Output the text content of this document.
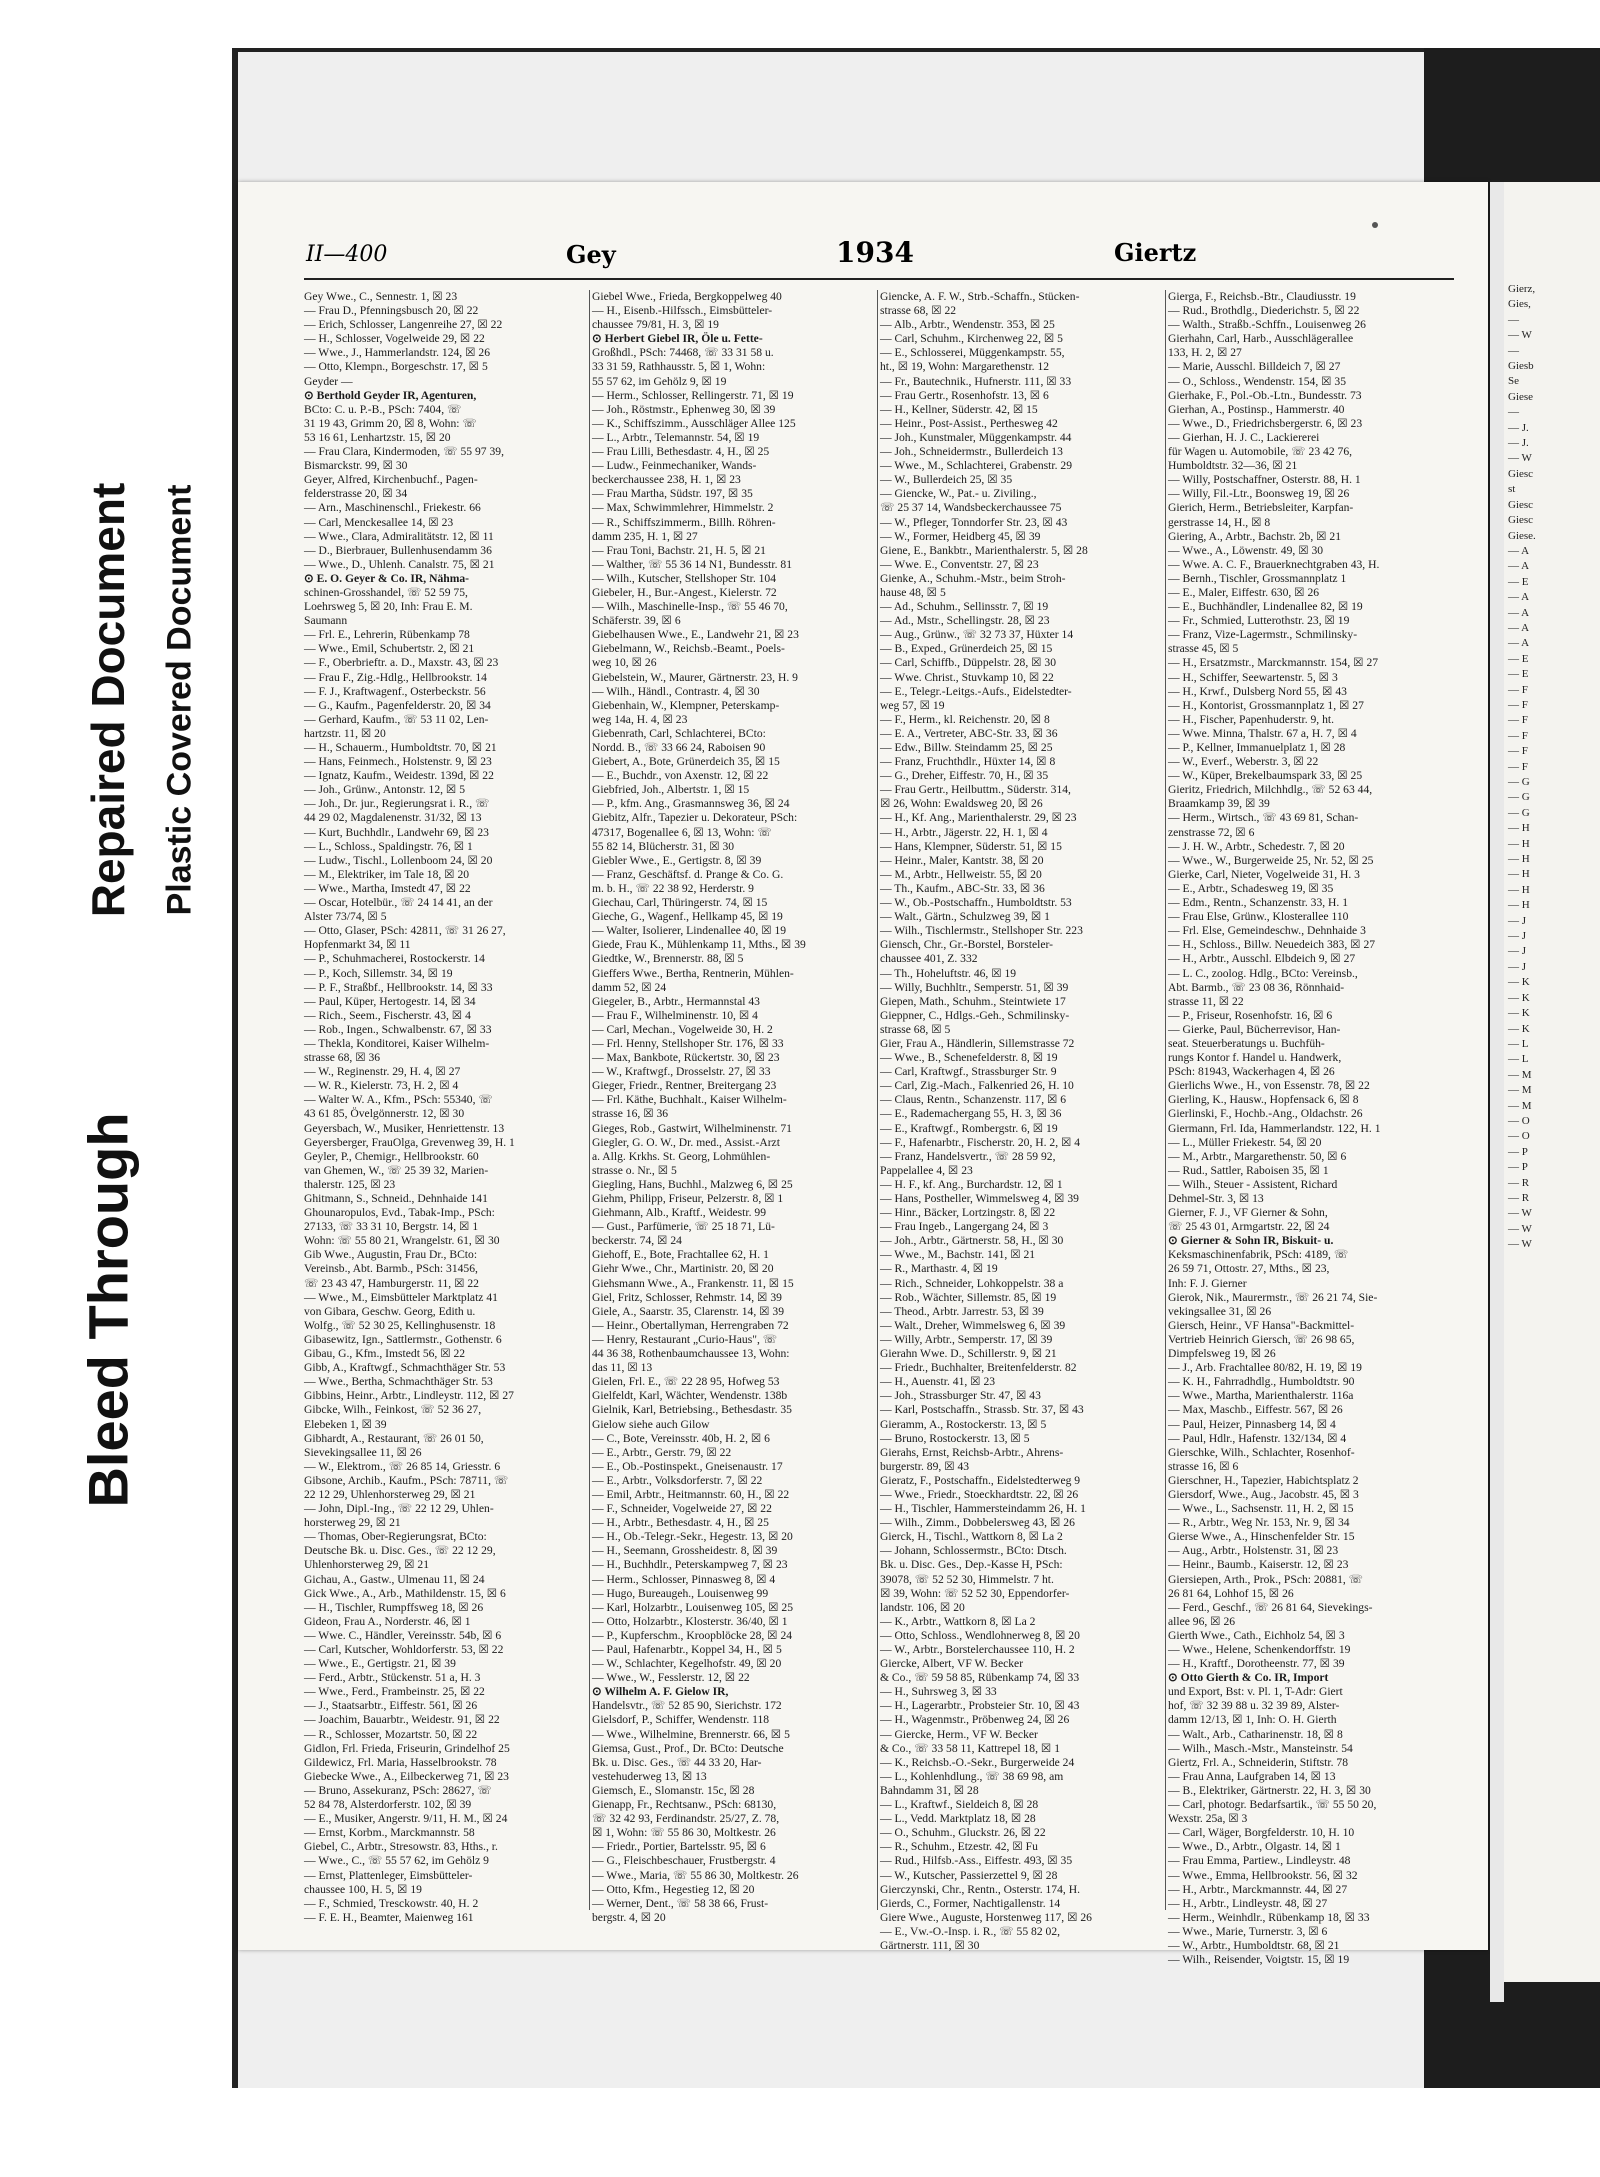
Bleed Through
Repaired Document Plastic Covered Document
Gierz,
Gies,
—
— W
—
Giesb
Se
Giese
—
— J.
— J.
— W
Giesc
st
Giesc
Giesc
Giese.
— A
— A
— E
— A
— A
— A
— A
— E
— E
— F
— F
— F
— F
— F
— F
— G
— G
— G
— H
— H
— H
— H
— H
— H
— J
— J
— J
— J
— K
— K
— K
— K
— L
— L
— M
— M
— M
— O
— O
— P
— P
— R
— R
— W
— W
— W
II—400	Gey	1934	Giertz
Gey Wwe., C., Sennestr. 1, ☒ 23
— Frau D., Pfenningsbusch 20, ☒ 22
— Erich, Schlosser, Langenreihe 27, ☒ 22
— H., Schlosser, Vogelweide 29, ☒ 22
— Wwe., J., Hammerlandstr. 124, ☒ 26
— Otto, Klempn., Borgeschstr. 17, ☒ 5
Geyder —
⊙ Berthold Geyder IR, Agenturen,
BCto: C. u. P.-B., PSch: 7404, ☏
31 19 43, Grimm 20, ☒ 8, Wohn: ☏
53 16 61, Lenhartzstr. 15, ☒ 20
— Frau Clara, Kindermoden, ☏ 55 97 39,
Bismarckstr. 99, ☒ 30
Geyer, Alfred, Kirchenbuchf., Pagen-
felderstrasse 20, ☒ 34
— Arn., Maschinenschl., Friekestr. 66
— Carl, Menckesallee 14, ☒ 23
— Wwe., Clara, Admiralitätstr. 12, ☒ 11
— D., Bierbrauer, Bullenhusendamm 36
— Wwe., D., Uhlenh. Canalstr. 75, ☒ 21
⊙ E. O. Geyer & Co. IR, Nähma-
schinen-Grosshandel, ☏ 52 59 75,
Loehrsweg 5, ☒ 20, Inh: Frau E. M.
Saumann
— Frl. E., Lehrerin, Rübenkamp 78
— Wwe., Emil, Schubertstr. 2, ☒ 21
— F., Oberbrieftr. a. D., Maxstr. 43, ☒ 23
— Frau F., Zig.-Hdlg., Hellbrookstr. 14
— F. J., Kraftwagenf., Osterbeckstr. 56
— G., Kaufm., Pagenfelderstr. 20, ☒ 34
— Gerhard, Kaufm., ☏ 53 11 02, Len-
hartzstr. 11, ☒ 20
— H., Schauerm., Humboldtstr. 70, ☒ 21
— Hans, Feinmech., Holstenstr. 9, ☒ 23
— Ignatz, Kaufm., Weidestr. 139d, ☒ 22
— Joh., Grünw., Antonstr. 12, ☒ 5
— Joh., Dr. jur., Regierungsrat i. R., ☏
44 29 02, Magdalenenstr. 31/32, ☒ 13
— Kurt, Buchhdlr., Landwehr 69, ☒ 23
— L., Schloss., Spaldingstr. 76, ☒ 1
— Ludw., Tischl., Lollenboom 24, ☒ 20
— M., Elektriker, im Tale 18, ☒ 20
— Wwe., Martha, Imstedt 47, ☒ 22
— Oscar, Hotelbür., ☏ 24 14 41, an der
Alster 73/74, ☒ 5
— Otto, Glaser, PSch: 42811, ☏ 31 26 27,
Hopfenmarkt 34, ☒ 11
— P., Schuhmacherei, Rostockerstr. 14
— P., Koch, Sillemstr. 34, ☒ 19
— P. F., Straßbf., Hellbrookstr. 14, ☒ 33
— Paul, Küper, Hertogestr. 14, ☒ 34
— Rich., Seem., Fischerstr. 43, ☒ 4
— Rob., Ingen., Schwalbenstr. 67, ☒ 33
— Thekla, Konditorei, Kaiser Wilhelm-
strasse 68, ☒ 36
— W., Reginenstr. 29, H. 4, ☒ 27
— W. R., Kielerstr. 73, H. 2, ☒ 4
— Walter W. A., Kfm., PSch: 55340, ☏
43 61 85, Övelgönnerstr. 12, ☒ 30
Geyersbach, W., Musiker, Henriettenstr. 13
Geyersberger, FrauOlga, Grevenweg 39, H. 1
Geyler, P., Chemigr., Hellbrookstr. 60
van Ghemen, W., ☏ 25 39 32, Marien-
thalerstr. 125, ☒ 23
Ghitmann, S., Schneid., Dehnhaide 141
Ghounaropulos, Evd., Tabak-Imp., PSch:
27133, ☏ 33 31 10, Bergstr. 14, ☒ 1
Wohn: ☏ 55 80 21, Wrangelstr. 61, ☒ 30
Gib Wwe., Augustin, Frau Dr., BCto:
Vereinsb., Abt. Barmb., PSch: 31456,
☏ 23 43 47, Hamburgerstr. 11, ☒ 22
— Wwe., M., Eimsbütteler Marktplatz 41
von Gibara, Geschw. Georg, Edith u.
Wolfg., ☏ 52 30 25, Kellinghusenstr. 18
Gibasewitz, Ign., Sattlermstr., Gothenstr. 6
Gibau, G., Kfm., Imstedt 56, ☒ 22
Gibb, A., Kraftwgf., Schmachthäger Str. 53
— Wwe., Bertha, Schmachthäger Str. 53
Gibbins, Heinr., Arbtr., Lindleystr. 112, ☒ 27
Gibcke, Wilh., Feinkost, ☏ 52 36 27,
Elebeken 1, ☒ 39
Gibhardt, A., Restaurant, ☏ 26 01 50,
Sievekingsallee 11, ☒ 26
— W., Elektrom., ☏ 26 85 14, Griesstr. 6
Gibsone, Archib., Kaufm., PSch: 78711, ☏
22 12 29, Uhlenhorsterweg 29, ☒ 21
— John, Dipl.-Ing., ☏ 22 12 29, Uhlen-
horsterweg 29, ☒ 21
— Thomas, Ober-Regierungsrat, BCto:
Deutsche Bk. u. Disc. Ges., ☏ 22 12 29,
Uhlenhorsterweg 29, ☒ 21
Gichau, A., Gastw., Ulmenau 11, ☒ 24
Gick Wwe., A., Arb., Mathildenstr. 15, ☒ 6
— H., Tischler, Rumpffsweg 18, ☒ 26
Gideon, Frau A., Norderstr. 46, ☒ 1
— Wwe. C., Händler, Vereinsstr. 54b, ☒ 6
— Carl, Kutscher, Wohldorferstr. 53, ☒ 22
— Wwe., E., Gertigstr. 21, ☒ 39
— Ferd., Arbtr., Stückenstr. 51 a, H. 3
— Wwe., Ferd., Frambeinstr. 25, ☒ 22
— J., Staatsarbtr., Eiffestr. 561, ☒ 26
— Joachim, Bauarbtr., Weidestr. 91, ☒ 22
— R., Schlosser, Mozartstr. 50, ☒ 22
Gidlon, Frl. Frieda, Friseurin, Grindelhof 25
Gildewicz, Frl. Maria, Hasselbrookstr. 78
Giebecke Wwe., A., Eilbeckerweg 71, ☒ 23
— Bruno, Assekuranz, PSch: 28627, ☏
52 84 78, Alsterdorferstr. 102, ☒ 39
— E., Musiker, Angerstr. 9/11, H. M., ☒ 24
— Ernst, Korbm., Marckmannstr. 58
Giebel, C., Arbtr., Stresowstr. 83, Hths., r.
— Wwe., C., ☏ 55 57 62, im Gehölz 9
— Ernst, Plattenleger, Eimsbütteler-
chaussee 100, H. 5, ☒ 19
— F., Schmied, Tresckowstr. 40, H. 2
— F. E. H., Beamter, Maienweg 161
Giebel Wwe., Frieda, Bergkoppelweg 40
— H., Eisenb.-Hilfssch., Eimsbütteler-
chaussee 79/81, H. 3, ☒ 19
⊙ Herbert Giebel IR, Öle u. Fette-
Großhdl., PSch: 74468, ☏ 33 31 58 u.
33 31 59, Rathhausstr. 5, ☒ 1, Wohn:
55 57 62, im Gehölz 9, ☒ 19
— Herm., Schlosser, Rellingerstr. 71, ☒ 19
— Joh., Röstmstr., Ephenweg 30, ☒ 39
— K., Schiffszimm., Ausschläger Allee 125
— L., Arbtr., Telemannstr. 54, ☒ 19
— Frau Lilli, Bethesdastr. 4, H., ☒ 25
— Ludw., Feinmechaniker, Wands-
beckerchaussee 238, H. 1, ☒ 23
— Frau Martha, Südstr. 197, ☒ 35
— Max, Schwimmlehrer, Himmelstr. 2
— R., Schiffszimmerm., Billh. Röhren-
damm 235, H. 1, ☒ 27
— Frau Toni, Bachstr. 21, H. 5, ☒ 21
— Walther, ☏ 55 36 14 N1, Bundesstr. 81
— Wilh., Kutscher, Stellshoper Str. 104
Giebeler, H., Bur.-Angest., Kielerstr. 72
— Wilh., Maschinelle-Insp., ☏ 55 46 70,
Schäferstr. 39, ☒ 6
Giebelhausen Wwe., E., Landwehr 21, ☒ 23
Giebelmann, W., Reichsb.-Beamt., Poels-
weg 10, ☒ 26
Giebelstein, W., Maurer, Gärtnerstr. 23, H. 9
— Wilh., Händl., Contrastr. 4, ☒ 30
Giebenhain, W., Klempner, Peterskamp-
weg 14a, H. 4, ☒ 23
Giebenrath, Carl, Schlachterei, BCto:
Nordd. B., ☏ 33 66 24, Raboisen 90
Giebert, A., Bote, Grünerdeich 35, ☒ 15
— E., Buchdr., von Axenstr. 12, ☒ 22
Giebfried, Joh., Albertstr. 1, ☒ 15
— P., kfm. Ang., Grasmannsweg 36, ☒ 24
Giebitz, Alfr., Tapezier u. Dekorateur, PSch:
47317, Bogenallee 6, ☒ 13, Wohn: ☏
55 82 14, Blücherstr. 31, ☒ 30
Giebler Wwe., E., Gertigstr. 8, ☒ 39
— Franz, Geschäftsf. d. Prange & Co. G.
m. b. H., ☏ 22 38 92, Herderstr. 9
Giechau, Carl, Thüringerstr. 74, ☒ 15
Gieche, G., Wagenf., Hellkamp 45, ☒ 19
— Walter, Isolierer, Lindenallee 40, ☒ 19
Giede, Frau K., Mühlenkamp 11, Mths., ☒ 39
Giedtke, W., Brennerstr. 88, ☒ 5
Gieffers Wwe., Bertha, Rentnerin, Mühlen-
damm 52, ☒ 24
Giegeler, B., Arbtr., Hermannstal 43
— Frau F., Wilhelminenstr. 10, ☒ 4
— Carl, Mechan., Vogelweide 30, H. 2
— Frl. Henny, Stellshoper Str. 176, ☒ 33
— Max, Bankbote, Rückertstr. 30, ☒ 23
— W., Kraftwgf., Drosselstr. 27, ☒ 33
Gieger, Friedr., Rentner, Breitergang 23
— Frl. Käthe, Buchhalt., Kaiser Wilhelm-
strasse 16, ☒ 36
Gieges, Rob., Gastwirt, Wilhelminenstr. 71
Giegler, G. O. W., Dr. med., Assist.-Arzt
a. Allg. Krkhs. St. Georg, Lohmühlen-
strasse o. Nr., ☒ 5
Giegling, Hans, Buchhl., Malzweg 6, ☒ 25
Giehm, Philipp, Friseur, Pelzerstr. 8, ☒ 1
Giehmann, Alb., Kraftf., Weidestr. 99
— Gust., Parfümerie, ☏ 25 18 71, Lü-
beckerstr. 74, ☒ 24
Giehoff, E., Bote, Frachtallee 62, H. 1
Giehr Wwe., Chr., Martinistr. 20, ☒ 20
Giehsmann Wwe., A., Frankenstr. 11, ☒ 15
Giel, Fritz, Schlosser, Rehmstr. 14, ☒ 39
Giele, A., Saarstr. 35, Clarenstr. 14, ☒ 39
— Heinr., Obertallyman, Herrengraben 72
— Henry, Restaurant „Curio-Haus", ☏
44 36 38, Rothenbaumchaussee 13, Wohn:
das 11, ☒ 13
Gielen, Frl. E., ☏ 22 28 95, Hofweg 53
Gielfeldt, Karl, Wächter, Wendenstr. 138b
Gielnik, Karl, Betriebsing., Bethesdastr. 35
Gielow siehe auch Gilow
— C., Bote, Vereinsstr. 40b, H. 2, ☒ 6
— E., Arbtr., Gerstr. 79, ☒ 22
— E., Ob.-Postinspekt., Gneisenaustr. 17
— E., Arbtr., Volksdorferstr. 7, ☒ 22
— Emil, Arbtr., Heitmannstr. 60, H., ☒ 22
— F., Schneider, Vogelweide 27, ☒ 22
— H., Arbtr., Bethesdastr. 4, H., ☒ 25
— H., Ob.-Telegr.-Sekr., Hegestr. 13, ☒ 20
— H., Seemann, Grossheidestr. 8, ☒ 39
— H., Buchhdlr., Peterskampweg 7, ☒ 23
— Herm., Schlosser, Pinnasweg 8, ☒ 4
— Hugo, Bureaugeh., Louisenweg 99
— Karl, Holzarbtr., Louisenweg 105, ☒ 25
— Otto, Holzarbtr., Klosterstr. 36/40, ☒ 1
— P., Kupferschm., Kroopblöcke 28, ☒ 24
— Paul, Hafenarbtr., Koppel 34, H., ☒ 5
— W., Schlachter, Kegelhofstr. 49, ☒ 20
— Wwe., W., Fesslerstr. 12, ☒ 22
⊙ Wilhelm A. F. Gielow IR,
Handelsvtr., ☏ 52 85 90, Sierichstr. 172
Gielsdorf, P., Schiffer, Wendenstr. 118
— Wwe., Wilhelmine, Brennerstr. 66, ☒ 5
Giemsa, Gust., Prof., Dr. BCto: Deutsche
Bk. u. Disc. Ges., ☏ 44 33 20, Har-
vestehuderweg 13, ☒ 13
Giemsch, E., Slomanstr. 15c, ☒ 28
Gienapp, Fr., Rechtsanw., PSch: 68130,
☏ 32 42 93, Ferdinandstr. 25/27, Z. 78,
☒ 1, Wohn: ☏ 55 86 30, Moltkestr. 26
— Friedr., Portier, Bartelsstr. 95, ☒ 6
— G., Fleischbeschauer, Frustbergstr. 4
— Wwe., Maria, ☏ 55 86 30, Moltkestr. 26
— Otto, Kfm., Hegestieg 12, ☒ 20
— Werner, Dent., ☏ 58 38 66, Frust-
bergstr. 4, ☒ 20
Giencke, A. F. W., Strb.-Schaffn., Stücken-
strasse 68, ☒ 22
— Alb., Arbtr., Wendenstr. 353, ☒ 25
— Carl, Schuhm., Kirchenweg 22, ☒ 5
— E., Schlosserei, Müggenkampstr. 55,
ht., ☒ 19, Wohn: Margarethenstr. 12
— Fr., Bautechnik., Hufnerstr. 111, ☒ 33
— Frau Gertr., Rosenhofstr. 13, ☒ 6
— H., Kellner, Süderstr. 42, ☒ 15
— Heinr., Post-Assist., Perthesweg 42
— Joh., Kunstmaler, Müggenkampstr. 44
— Joh., Schneidermstr., Bullerdeich 13
— Wwe., M., Schlachterei, Grabenstr. 29
— W., Bullerdeich 25, ☒ 35
— Giencke, W., Pat.- u. Ziviling.,
☏ 25 37 14, Wandsbeckerchaussee 75
— W., Pfleger, Tonndorfer Str. 23, ☒ 43
— W., Former, Heidberg 45, ☒ 39
Giene, E., Bankbtr., Marienthalerstr. 5, ☒ 28
— Wwe. E., Conventstr. 27, ☒ 23
Gienke, A., Schuhm.-Mstr., beim Stroh-
hause 48, ☒ 5
— Ad., Schuhm., Sellinsstr. 7, ☒ 19
— Ad., Mstr., Schellingstr. 28, ☒ 23
— Aug., Grünw., ☏ 32 73 37, Hüxter 14
— B., Exped., Grünerdeich 25, ☒ 15
— Carl, Schiffb., Düppelstr. 28, ☒ 30
— Wwe. Christ., Stuvkamp 10, ☒ 22
— E., Telegr.-Leitgs.-Aufs., Eidelstedter-
weg 57, ☒ 19
— F., Herm., kl. Reichenstr. 20, ☒ 8
— E. A., Vertreter, ABC-Str. 33, ☒ 36
— Edw., Billw. Steindamm 25, ☒ 25
— Franz, Fruchthdlr., Hüxter 14, ☒ 8
— G., Dreher, Eiffestr. 70, H., ☒ 35
— Frau Gertr., Heilbuttm., Süderstr. 314,
☒ 26, Wohn: Ewaldsweg 20, ☒ 26
— H., Kf. Ang., Marienthalerstr. 29, ☒ 23
— H., Arbtr., Jägerstr. 22, H. 1, ☒ 4
— Hans, Klempner, Süderstr. 51, ☒ 15
— Heinr., Maler, Kantstr. 38, ☒ 20
— M., Arbtr., Hellweistr. 55, ☒ 20
— Th., Kaufm., ABC-Str. 33, ☒ 36
— W., Ob.-Postschaffn., Humboldtstr. 53
— Walt., Gärtn., Schulzweg 39, ☒ 1
— Wilh., Tischlermstr., Stellshoper Str. 223
Giensch, Chr., Gr.-Borstel, Borsteler-
chaussee 401, Z. 332
— Th., Hoheluftstr. 46, ☒ 19
— Willy, Buchhltr., Semperstr. 51, ☒ 39
Giepen, Math., Schuhm., Steintwiete 17
Gieppner, C., Hdlgs.-Geh., Schmilinsky-
strasse 68, ☒ 5
Gier, Frau A., Händlerin, Sillemstrasse 72
— Wwe., B., Schenefelderstr. 8, ☒ 19
— Carl, Kraftwgf., Strassburger Str. 9
— Carl, Zig.-Mach., Falkenried 26, H. 10
— Claus, Rentn., Schanzenstr. 117, ☒ 6
— E., Rademachergang 55, H. 3, ☒ 36
— E., Kraftwgf., Rombergstr. 6, ☒ 19
— F., Hafenarbtr., Fischerstr. 20, H. 2, ☒ 4
— Franz, Handelsvertr., ☏ 28 59 92,
Pappelallee 4, ☒ 23
— H. F., kf. Ang., Burchardstr. 12, ☒ 1
— Hans, Postheller, Wimmelsweg 4, ☒ 39
— Hinr., Bäcker, Lortzingstr. 8, ☒ 22
— Frau Ingeb., Langergang 24, ☒ 3
— Joh., Arbtr., Gärtnerstr. 58, H., ☒ 30
— Wwe., M., Bachstr. 141, ☒ 21
— R., Marthastr. 4, ☒ 19
— Rich., Schneider, Lohkoppelstr. 38 a
— Rob., Wächter, Sillemstr. 85, ☒ 19
— Theod., Arbtr. Jarrestr. 53, ☒ 39
— Walt., Dreher, Wimmelsweg 6, ☒ 39
— Willy, Arbtr., Semperstr. 17, ☒ 39
Gierahn Wwe. D., Schillerstr. 9, ☒ 21
— Friedr., Buchhalter, Breitenfelderstr. 82
— H., Auenstr. 41, ☒ 23
— Joh., Strassburger Str. 47, ☒ 43
— Karl, Postschaffn., Strassb. Str. 37, ☒ 43
Gieramm, A., Rostockerstr. 13, ☒ 5
— Bruno, Rostockerstr. 13, ☒ 5
Gierahs, Ernst, Reichsb-Arbtr., Ahrens-
burgerstr. 89, ☒ 43
Gieratz, F., Postschaffn., Eidelstedterweg 9
— Wwe., Friedr., Stoeckhardtstr. 22, ☒ 26
— H., Tischler, Hammersteindamm 26, H. 1
— Wilh., Zimm., Dobbelersweg 43, ☒ 26
Gierck, H., Tischl., Wattkorn 8, ☒ La 2
— Johann, Schlossermstr., BCto: Dtsch.
Bk. u. Disc. Ges., Dep.-Kasse H, PSch:
39078, ☏ 52 52 30, Himmelstr. 7 ht.
☒ 39, Wohn: ☏ 52 52 30, Eppendorfer-
landstr. 106, ☒ 20
— K., Arbtr., Wattkorn 8, ☒ La 2
— Otto, Schloss., Wendlohnerweg 8, ☒ 20
— W., Arbtr., Borstelerchaussee 110, H. 2
Giercke, Albert, VF W. Becker
& Co., ☏ 59 58 85, Rübenkamp 74, ☒ 33
— H., Suhrsweg 3, ☒ 33
— H., Lagerarbtr., Probsteier Str. 10, ☒ 43
— H., Wagenmstr., Pröbenweg 24, ☒ 26
— Giercke, Herm., VF W. Becker
& Co., ☏ 33 58 11, Kattrepel 18, ☒ 1
— K., Reichsb.-O.-Sekr., Burgerweide 24
— L., Kohlenhdlung., ☏ 38 69 98, am
Bahndamm 31, ☒ 28
— L., Kraftwf., Sieldeich 8, ☒ 28
— L., Vedd. Marktplatz 18, ☒ 28
— O., Schuhm., Gluckstr. 26, ☒ 22
— R., Schuhm., Etzestr. 42, ☒ Fu
— Rud., Hilfsb.-Ass., Eiffestr. 493, ☒ 35
— W., Kutscher, Passierzettel 9, ☒ 28
Gierczynski, Chr., Rentn., Osterstr. 174, H.
Gierds, C., Former, Nachtigallenstr. 14
Giere Wwe., Auguste, Horstenweg 117, ☒ 26
— E., Vw.-O.-Insp. i. R., ☏ 55 82 02,
Gärtnerstr. 111, ☒ 30
Gierga, F., Reichsb.-Btr., Claudiusstr. 19
— Rud., Brothdlg., Diederichstr. 5, ☒ 22
— Walth., Straßb.-Schffn., Louisenweg 26
Gierhahn, Carl, Harb., Ausschlägerallee
133, H. 2, ☒ 27
— Marie, Ausschl. Billdeich 7, ☒ 27
— O., Schloss., Wendenstr. 154, ☒ 35
Gierhake, F., Pol.-Ob.-Ltn., Bundesstr. 73
Gierhan, A., Postinsp., Hammerstr. 40
— Wwe., D., Friedrichsbergerstr. 6, ☒ 23
— Gierhan, H. J. C., Lackiererei
für Wagen u. Automobile, ☏ 23 42 76,
Humboldtstr. 32—36, ☒ 21
— Willy, Postschaffner, Osterstr. 88, H. 1
— Willy, Fil.-Ltr., Boonsweg 19, ☒ 26
Gierich, Herm., Betriebsleiter, Karpfan-
gerstrasse 14, H., ☒ 8
Giering, A., Arbtr., Bachstr. 2b, ☒ 21
— Wwe., A., Löwenstr. 49, ☒ 30
— Wwe. A. C. F., Brauerknechtgraben 43, H.
— Bernh., Tischler, Grossmannplatz 1
— E., Maler, Eiffestr. 630, ☒ 26
— E., Buchhändler, Lindenallee 82, ☒ 19
— Fr., Schmied, Lutterothstr. 23, ☒ 19
— Franz, Vize-Lagermstr., Schmilinsky-
strasse 45, ☒ 5
— H., Ersatzmstr., Marckmannstr. 154, ☒ 27
— H., Schiffer, Seewartenstr. 5, ☒ 3
— H., Krwf., Dulsberg Nord 55, ☒ 43
— H., Kontorist, Grossmannplatz 1, ☒ 27
— H., Fischer, Papenhuderstr. 9, ht.
— Wwe. Minna, Thalstr. 67 a, H. 7, ☒ 4
— P., Kellner, Immanuelplatz 1, ☒ 28
— W., Everf., Weberstr. 3, ☒ 22
— W., Küper, Brekelbaumspark 33, ☒ 25
Gieritz, Friedrich, Milchhdlg., ☏ 52 63 44,
Braamkamp 39, ☒ 39
— Herm., Wirtsch., ☏ 43 69 81, Schan-
zenstrasse 72, ☒ 6
— J. H. W., Arbtr., Schedestr. 7, ☒ 20
— Wwe., W., Burgerweide 25, Nr. 52, ☒ 25
Gierke, Carl, Nieter, Vogelweide 31, H. 3
— E., Arbtr., Schadesweg 19, ☒ 35
— Edm., Rentn., Schanzenstr. 33, H. 1
— Frau Else, Grünw., Klosterallee 110
— Frl. Else, Gemeindeschw., Dehnhaide 3
— H., Schloss., Billw. Neuedeich 383, ☒ 27
— H., Arbtr., Ausschl. Elbdeich 9, ☒ 27
— L. C., zoolog. Hdlg., BCto: Vereinsb.,
Abt. Barmb., ☏ 23 08 36, Rönnhaid-
strasse 11, ☒ 22
— P., Friseur, Rosenhofstr. 16, ☒ 6
— Gierke, Paul, Bücherrevisor, Han-
seat. Steuerberatungs u. Buchfüh-
rungs Kontor f. Handel u. Handwerk,
PSch: 81943, Wackerhagen 4, ☒ 26
Gierlichs Wwe., H., von Essenstr. 78, ☒ 22
Gierling, K., Hausw., Hopfensack 6, ☒ 8
Gierlinski, F., Hochb.-Ang., Oldachstr. 26
Giermann, Frl. Ida, Hammerlandstr. 122, H. 1
— L., Müller Friekestr. 54, ☒ 20
— M., Arbtr., Margarethenstr. 50, ☒ 6
— Rud., Sattler, Raboisen 35, ☒ 1
— Wilh., Steuer - Assistent, Richard
Dehmel-Str. 3, ☒ 13
Gierner, F. J., VF Gierner & Sohn,
☏ 25 43 01, Armgartstr. 22, ☒ 24
⊙ Gierner & Sohn IR, Biskuit- u.
Keksmaschinenfabrik, PSch: 4189, ☏
26 59 71, Ottostr. 27, Mths., ☒ 23,
Inh: F. J. Gierner
Gierok, Nik., Maurermstr., ☏ 26 21 74, Sie-
vekingsallee 31, ☒ 26
Giersch, Heinr., VF Hansa"-Backmittel-
Vertrieb Heinrich Giersch, ☏ 26 98 65,
Dimpfelsweg 19, ☒ 26
— J., Arb. Frachtallee 80/82, H. 19, ☒ 19
— K. H., Fahrradhdlg., Humboldtstr. 90
— Wwe., Martha, Marienthalerstr. 116a
— Max, Maschb., Eiffestr. 567, ☒ 26
— Paul, Heizer, Pinnasberg 14, ☒ 4
— Paul, Hdlr., Hafenstr. 132/134, ☒ 4
Gierschke, Wilh., Schlachter, Rosenhof-
strasse 16, ☒ 6
Gierschner, H., Tapezier, Habichtsplatz 2
Giersdorf, Wwe., Aug., Jacobstr. 45, ☒ 3
— Wwe., L., Sachsenstr. 11, H. 2, ☒ 15
— R., Arbtr., Weg Nr. 153, Nr. 9, ☒ 34
Gierse Wwe., A., Hinschenfelder Str. 15
— Aug., Arbtr., Holstenstr. 31, ☒ 23
— Heinr., Baumb., Kaiserstr. 12, ☒ 23
Giersiepen, Arth., Prok., PSch: 20881, ☏
26 81 64, Lohhof 15, ☒ 26
— Ferd., Geschf., ☏ 26 81 64, Sievekings-
allee 96, ☒ 26
Gierth Wwe., Cath., Eichholz 54, ☒ 3
— Wwe., Helene, Schenkendorffstr. 19
— H., Kraftf., Dorotheenstr. 77, ☒ 39
⊙ Otto Gierth & Co. IR, Import
und Export, Bst: v. Pl. 1, T-Adr: Giert
hof, ☏ 32 39 88 u. 32 39 89, Alster-
damm 12/13, ☒ 1, Inh: O. H. Gierth
— Walt., Arb., Catharinenstr. 18, ☒ 8
— Wilh., Masch.-Mstr., Mansteinstr. 54
Giertz, Frl. A., Schneiderin, Stiftstr. 78
— Frau Anna, Laufgraben 14, ☒ 13
— B., Elektriker, Gärtnerstr. 22, H. 3, ☒ 30
— Carl, photogr. Bedarfsartik., ☏ 55 50 20,
Wexstr. 25a, ☒ 3
— Carl, Wäger, Borgfelderstr. 10, H. 10
— Wwe., D., Arbtr., Olgastr. 14, ☒ 1
— Frau Emma, Partiew., Lindleystr. 48
— Wwe., Emma, Hellbrookstr. 56, ☒ 32
— H., Arbtr., Marckmannstr. 44, ☒ 27
— H., Arbtr., Lindleystr. 48, ☒ 27
— Herm., Weinhdlr., Rübenkamp 18, ☒ 33
— Wwe., Marie, Turnerstr. 3, ☒ 6
— W., Arbtr., Humboldtstr. 68, ☒ 21
— Wilh., Reisender, Voigtstr. 15, ☒ 19
